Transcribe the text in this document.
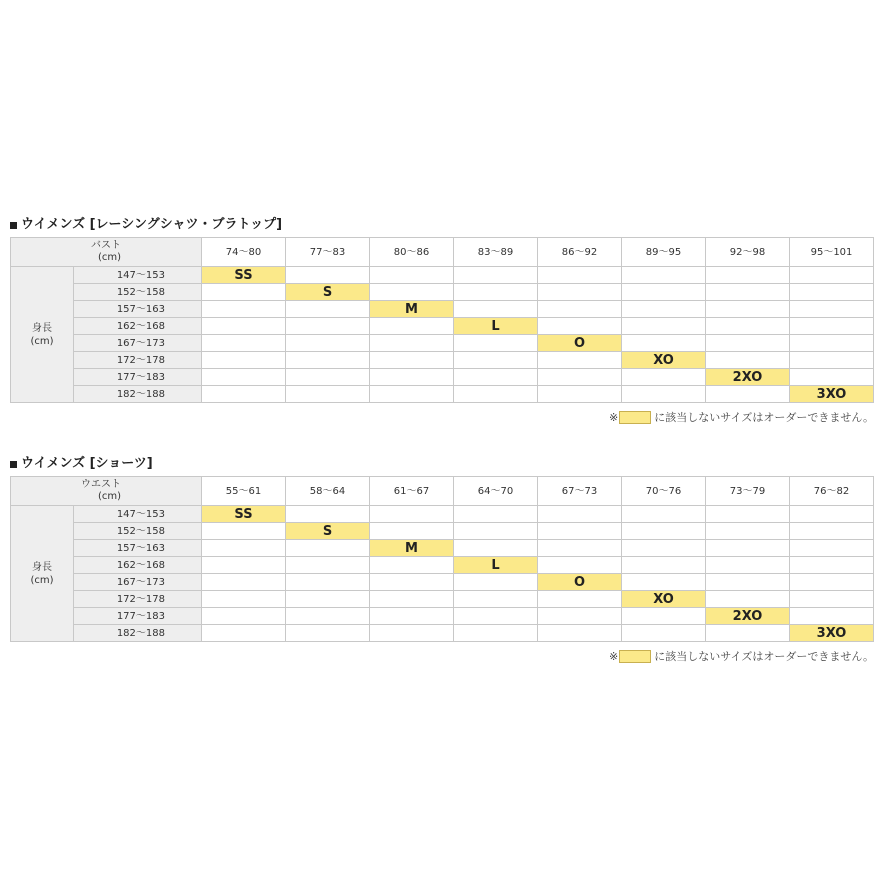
ウイメンズ [レーシングシャツ・ブラトップ]
バスト
(cm)		74〜80	77〜83	80〜86	83〜89	86〜92	89〜95	92〜98	95〜101
身長
(cm)	147〜153	SS							
	152〜158		S						
	157〜163			M					
	162〜168				L				
	167〜173					O			
	172〜178						XO		
	177〜183							2XO	
	182〜188								3XO
※	に該当しないサイズはオーダーできません。
ウイメンズ [ショーツ]
ウエスト
(cm)		55〜61	58〜64	61〜67	64〜70	67〜73	70〜76	73〜79	76〜82
身長
(cm)	147〜153	SS							
	152〜158		S						
	157〜163			M					
	162〜168				L				
	167〜173					O			
	172〜178						XO		
	177〜183							2XO	
	182〜188								3XO
※	に該当しないサイズはオーダーできません。
